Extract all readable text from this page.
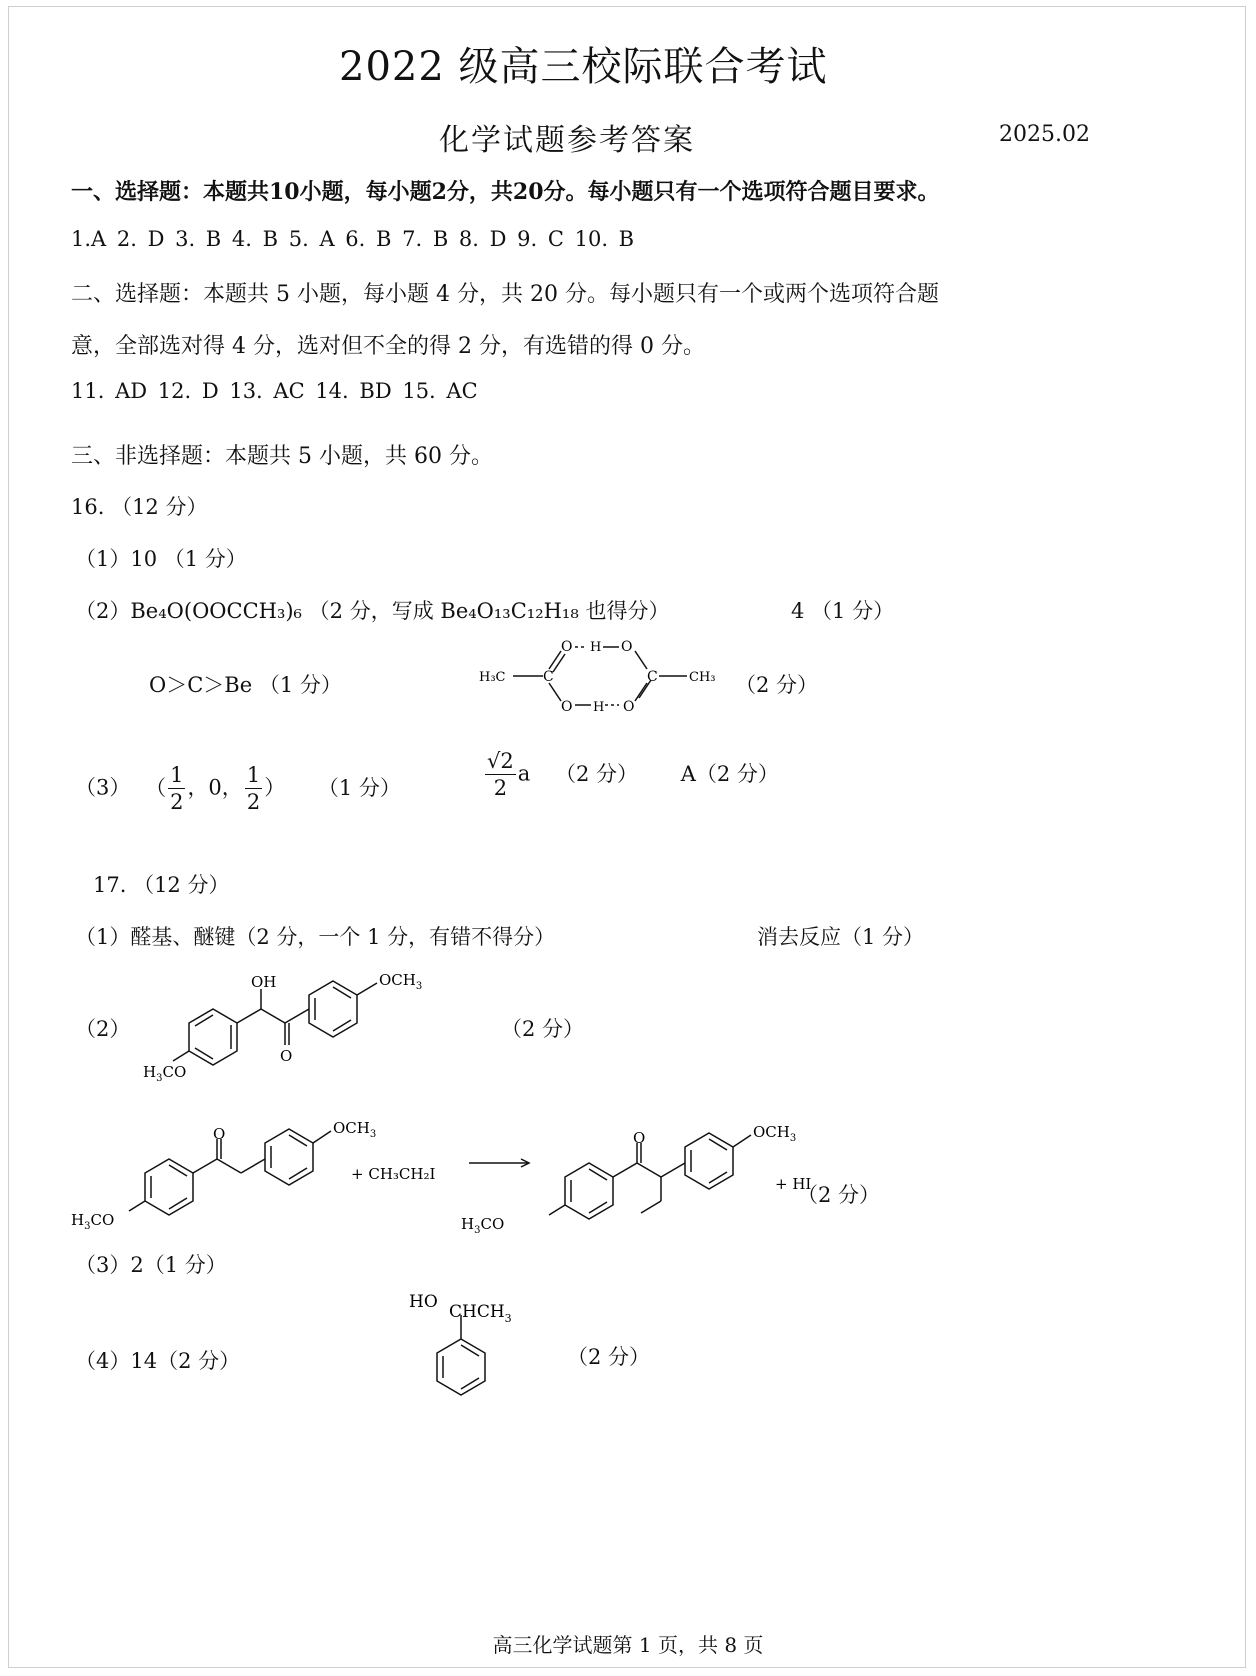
2022 级高三校际联合考试
化学试题参考答案	2025.02
一、选择题：本题共10小题，每小题2分，共20分。每小题只有一个选项符合题目要求。
1.A 2. D 3. B 4. B 5. A 6. B 7. B 8. D 9. C 10. B
二、选择题：本题共 5 小题，每小题 4 分，共 20 分。每小题只有一个或两个选项符合题
意，全部选对得 4 分，选对但不全的得 2 分，有选错的得 0 分。
11. AD 12. D 13. AC 14. BD 15. AC
三、非选择题：本题共 5 小题，共 60 分。
16. （12 分）
（1）10 （1 分）
（2）Be₄O(OOCCH₃)₆ （2 分，写成 Be₄O₁₃C₁₂H₁₈ 也得分）	4 （1 分）
O＞C＞Be （1 分）	H₃C	C
O H O
O H O
C CH₃ （2 分）
（3） （ $\frac{1}{2}$ ，0， $\frac{1}{2}$ ） （1 分）	$\frac{√2}{2}$ a （2 分） A（2 分）
17. （12 分）
（1）醛基、醚键（2 分，一个 1 分，有错不得分）	消去反应（1 分）
（2）
OH
O
$OCH_3$
$H_3CO$
（2 分）
O	$OCH_3$
$H_3CO$
+ CH₃CH₂I
O	$OCH_3$
$H_3CO$
+ HI
（2 分）
（3）2（1 分）
（4）14（2 分）
HO $CHCH_3$
（2 分）
高三化学试题第 1 页，共 8 页
